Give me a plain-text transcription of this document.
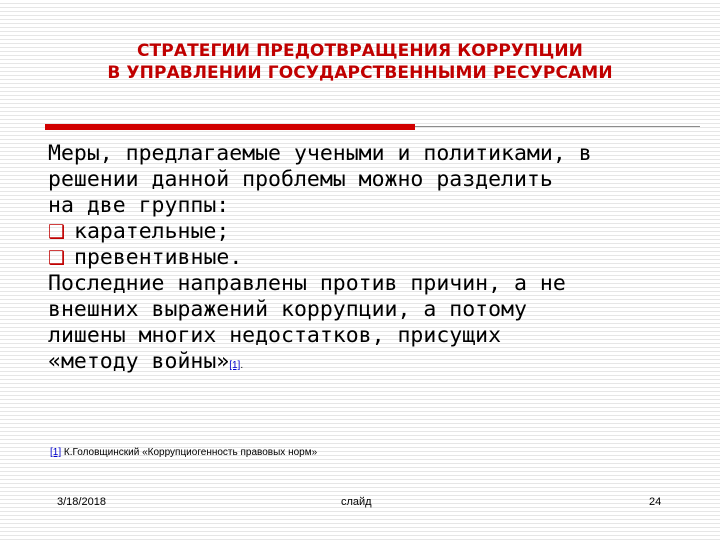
СТРАТЕГИИ ПРЕДОТВРАЩЕНИЯ КОРРУПЦИИ
В УПРАВЛЕНИИ ГОСУДАРСТВЕННЫМИ РЕСУРСАМИ
Меры, предлагаемые учеными и политиками, в
решении данной проблемы можно разделить
на две группы:
❑ карательные;
❑ превентивные.
Последние направлены против причин, а не
внешних выражений коррупции, а потому
лишены многих недостатков, присущих
«методу войны»[1].
[1] К.Головщинский «Коррупциогенность правовых норм»
3/18/2018	слайд	24
